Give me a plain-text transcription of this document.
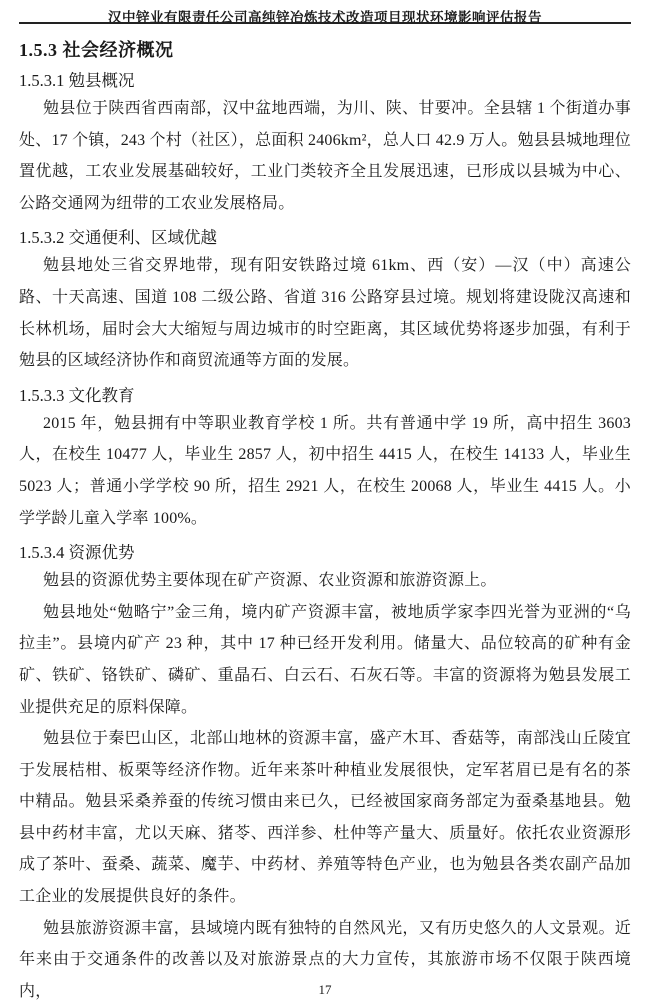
汉中锌业有限责任公司高纯锌冶炼技术改造项目现状环境影响评估报告
1.5.3 社会经济概况
1.5.3.1 勉县概况

勉县位于陕西省西南部，汉中盆地西端，为川、陕、甘要冲。全县辖 1 个街道办事处、17 个镇，243 个村（社区），总面积 2406km²，总人口 42.9 万人。勉县县城地理位置优越，工农业发展基础较好，工业门类较齐全且发展迅速，已形成以县城为中心、公路交通网为纽带的工农业发展格局。

1.5.3.2 交通便利、区域优越

勉县地处三省交界地带，现有阳安铁路过境 61km、西（安）—汉（中）高速公路、十天高速、国道 108 二级公路、省道 316 公路穿县过境。规划将建设陇汉高速和长林机场，届时会大大缩短与周边城市的时空距离，其区域优势将逐步加强，有利于勉县的区域经济协作和商贸流通等方面的发展。

1.5.3.3 文化教育

2015 年，勉县拥有中等职业教育学校 1 所。共有普通中学 19 所，高中招生 3603 人，在校生 10477 人，毕业生 2857 人，初中招生 4415 人，在校生 14133 人，毕业生 5023 人；普通小学学校 90 所，招生 2921 人，在校生 20068 人，毕业生 4415 人。小学学龄儿童入学率 100%。

1.5.3.4 资源优势

勉县的资源优势主要体现在矿产资源、农业资源和旅游资源上。

勉县地处“勉略宁”金三角，境内矿产资源丰富，被地质学家李四光誉为亚洲的“乌拉圭”。县境内矿产 23 种，其中 17 种已经开发利用。储量大、品位较高的矿种有金矿、铁矿、铬铁矿、磷矿、重晶石、白云石、石灰石等。丰富的资源将为勉县发展工业提供充足的原料保障。

勉县位于秦巴山区，北部山地林的资源丰富，盛产木耳、香菇等，南部浅山丘陵宜于发展桔柑、板栗等经济作物。近年来茶叶种植业发展很快，定军茗眉已是有名的茶中精品。勉县采桑养蚕的传统习惯由来已久，已经被国家商务部定为蚕桑基地县。勉县中药材丰富，尤以天麻、猪苓、西洋参、杜仲等产量大、质量好。依托农业资源形成了茶叶、蚕桑、蔬菜、魔芋、中药材、养殖等特色产业，也为勉县各类农副产品加工企业的发展提供良好的条件。

勉县旅游资源丰富，县域境内既有独特的自然风光，又有历史悠久的人文景观。近年来由于交通条件的改善以及对旅游景点的大力宣传，其旅游市场不仅限于陕西境内，	17
